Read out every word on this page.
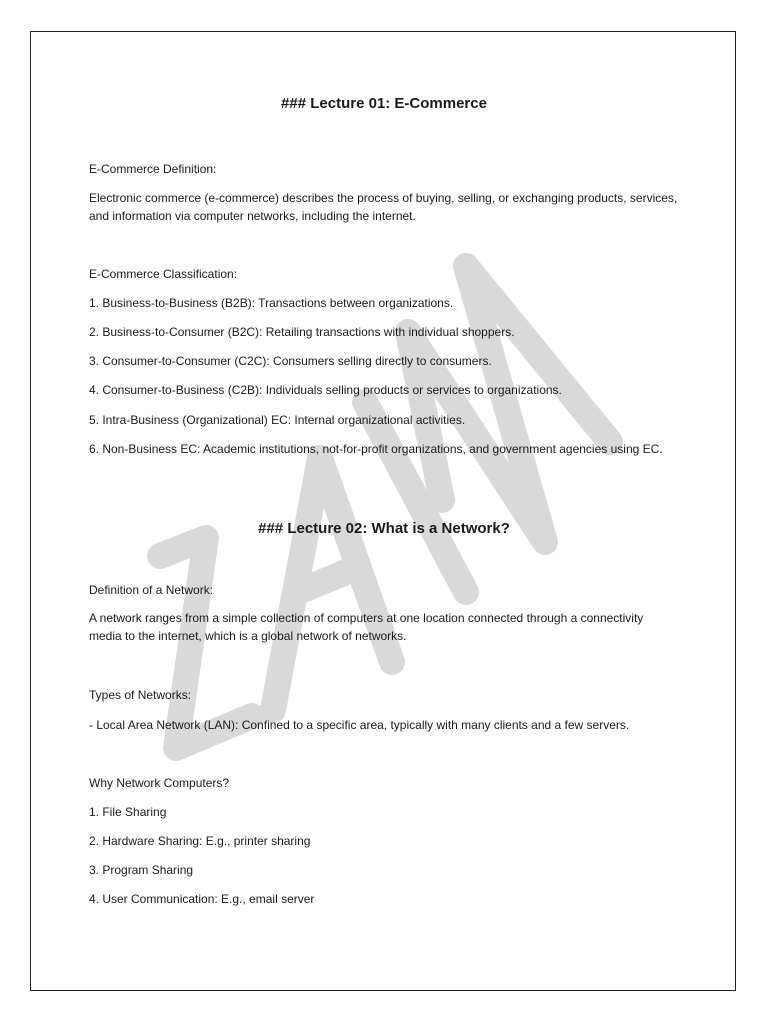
### Lecture 01: E-Commerce
E-Commerce Definition:
Electronic commerce (e-commerce) describes the process of buying, selling, or exchanging products, services, and information via computer networks, including the internet.
E-Commerce Classification:
1. Business-to-Business (B2B): Transactions between organizations.
2. Business-to-Consumer (B2C): Retailing transactions with individual shoppers.
3. Consumer-to-Consumer (C2C): Consumers selling directly to consumers.
4. Consumer-to-Business (C2B): Individuals selling products or services to organizations.
5. Intra-Business (Organizational) EC: Internal organizational activities.
6. Non-Business EC: Academic institutions, not-for-profit organizations, and government agencies using EC.
### Lecture 02: What is a Network?
Definition of a Network:
A network ranges from a simple collection of computers at one location connected through a connectivity media to the internet, which is a global network of networks.
Types of Networks:
- Local Area Network (LAN): Confined to a specific area, typically with many clients and a few servers.
Why Network Computers?
1. File Sharing
2. Hardware Sharing: E.g., printer sharing
3. Program Sharing
4. User Communication: E.g., email server
